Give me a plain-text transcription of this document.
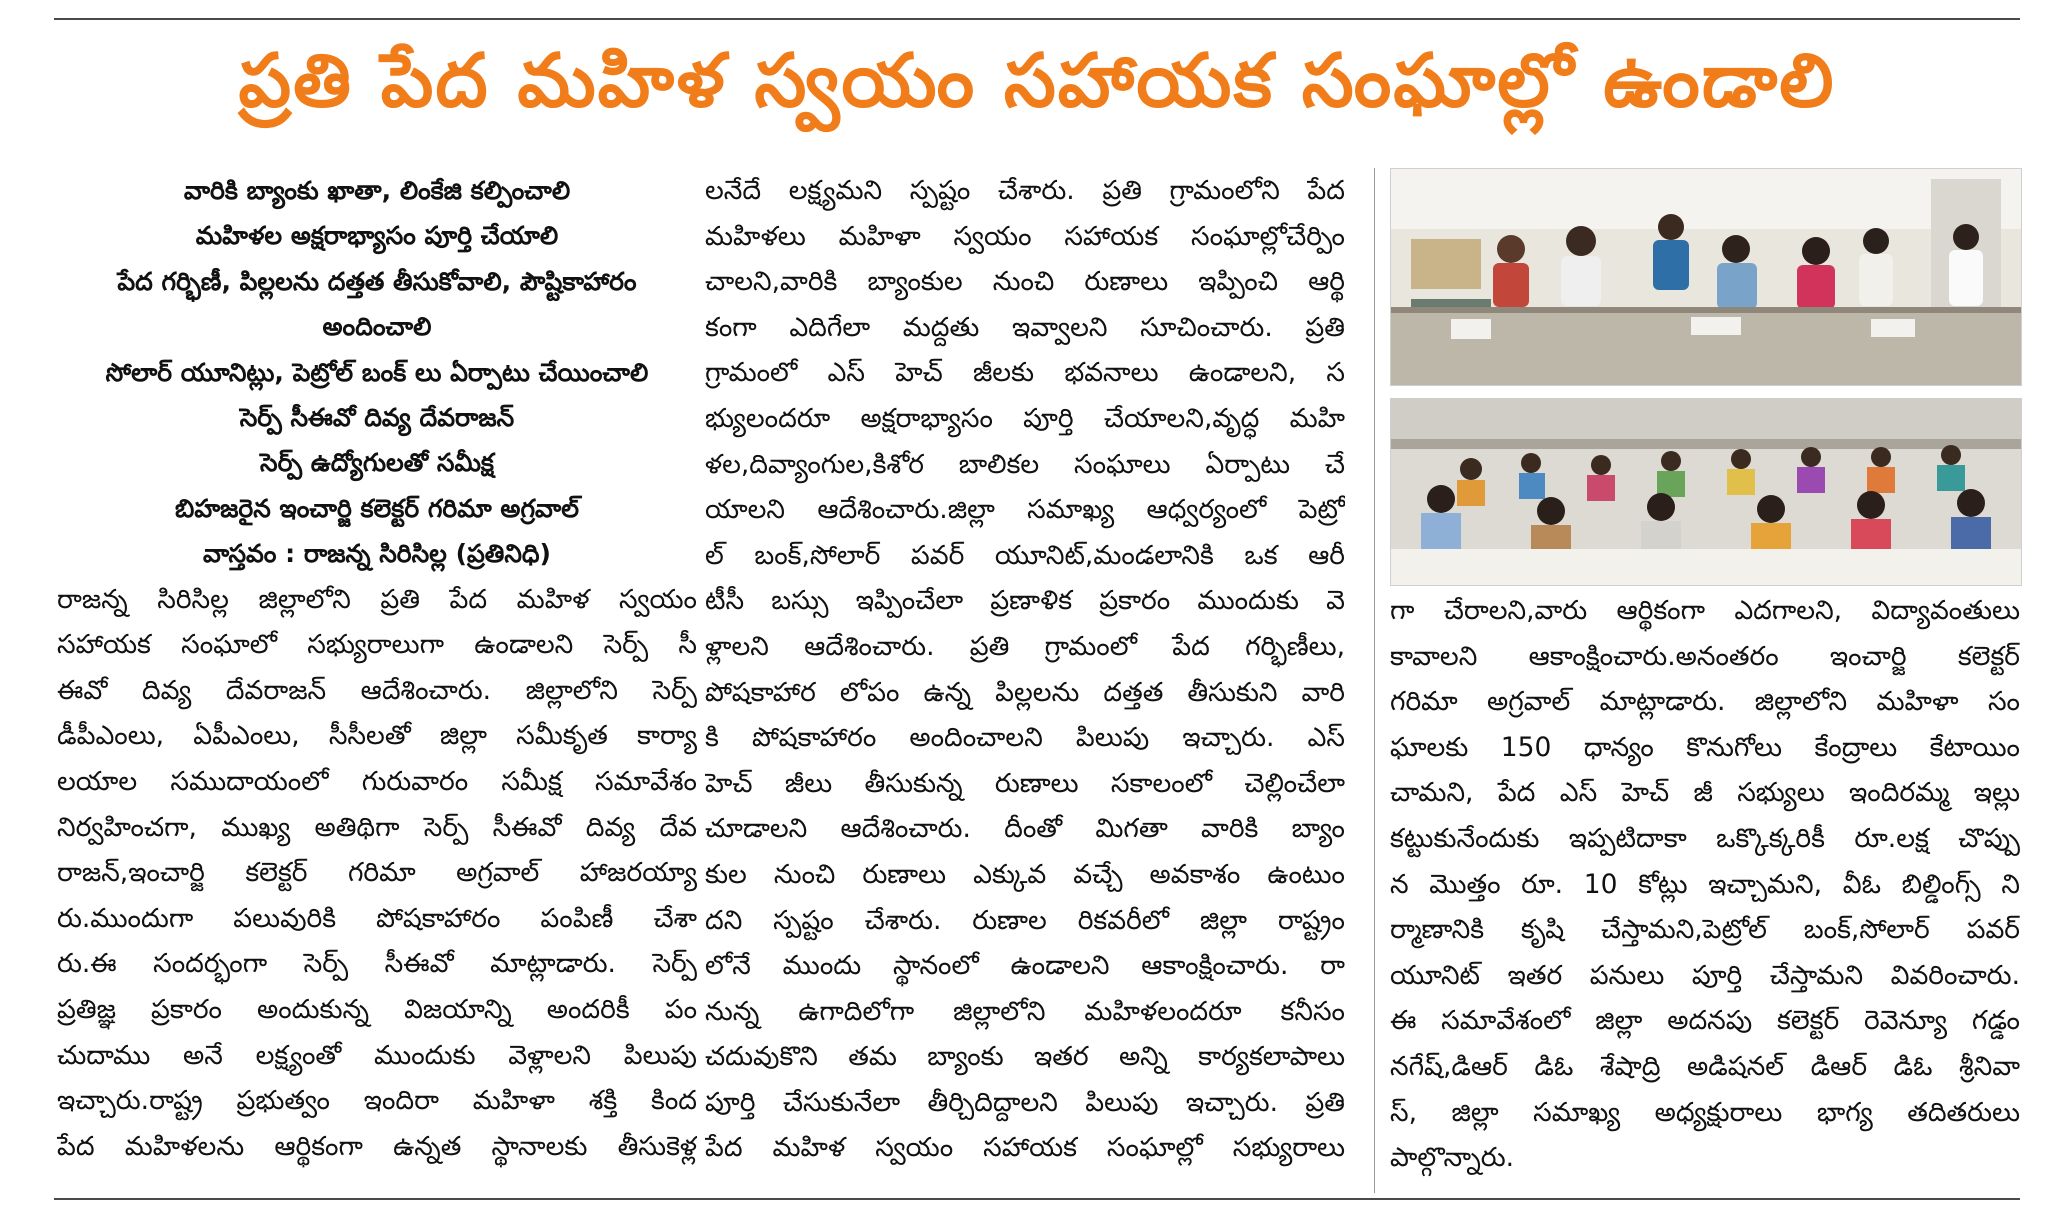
ప్రతి పేద మహిళ స్వయం సహాయక సంఘాల్లో ఉండాలి

వారికి బ్యాంకు ఖాతా, లింకేజి కల్పించాలి

మహిళల అక్షరాభ్యాసం పూర్తి చేయాలి

పేద గర్భిణీ, పిల్లలను దత్తత తీసుకోవాలి, పౌష్టికాహారం

అందించాలి

సోలార్ యూనిట్లు, పెట్రోల్ బంక్ లు ఏర్పాటు చేయించాలి

సెర్ప్ సీఈవో దివ్య దేవరాజన్

సెర్ప్ ఉద్యోగులతో సమీక్ష

బిహజరైన ఇంచార్జి కలెక్టర్ గరిమా అగ్రవాల్

వాస్తవం : రాజన్న సిరిసిల్ల (ప్రతినిధి)

రాజన్న సిరిసిల్ల జిల్లాలోని ప్రతి పేద మహిళ స్వయం

సహాయక సంఘాలో సభ్యురాలుగా ఉండాలని సెర్ప్ సీ

ఈవో దివ్య దేవరాజన్ ఆదేశించారు. జిల్లాలోని సెర్ప్

డీపీఎంలు, ఏపీఎంలు, సీసీలతో జిల్లా సమీకృత కార్యా

లయాల సముదాయంలో గురువారం సమీక్ష సమావేశం

నిర్వహించగా, ముఖ్య అతిథిగా సెర్ప్ సీఈవో దివ్య దేవ

రాజన్,ఇంచార్జి కలెక్టర్ గరిమా అగ్రవాల్ హాజరయ్యా

రు.ముందుగా పలువురికి పోషకాహారం పంపిణీ చేశా

రు.ఈ సందర్భంగా సెర్ప్ సీఈవో మాట్లాడారు. సెర్ప్

ప్రతిజ్ఞ ప్రకారం అందుకున్న విజయాన్ని అందరికీ పం

చుదాము అనే లక్ష్యంతో ముందుకు వెళ్లాలని పిలుపు

ఇచ్చారు.రాష్ట్ర ప్రభుత్వం ఇందిరా మహిళా శక్తి కింద

పేద మహిళలను ఆర్థికంగా ఉన్నత స్థానాలకు తీసుకెళ్ల

లనేదే లక్ష్యమని స్పష్టం చేశారు. ప్రతి గ్రామంలోని పేద

మహిళలు మహిళా స్వయం సహాయక సంఘాల్లోచేర్పిం

చాలని,వారికి బ్యాంకుల నుంచి రుణాలు ఇప్పించి ఆర్థి

కంగా ఎదిగేలా మద్దతు ఇవ్వాలని సూచించారు. ప్రతి

గ్రామంలో ఎస్ హెచ్ జీలకు భవనాలు ఉండాలని, స

భ్యులందరూ అక్షరాభ్యాసం పూర్తి చేయాలని,వృద్ధ మహి

ళల,దివ్యాంగుల,కిశోర బాలికల సంఘాలు ఏర్పాటు చే

యాలని ఆదేశించారు.జిల్లా సమాఖ్య ఆధ్వర్యంలో పెట్రో

ల్ బంక్,సోలార్ పవర్ యూనిట్,మండలానికి ఒక ఆరీ

టీసీ బస్సు ఇప్పించేలా ప్రణాళిక ప్రకారం ముందుకు వె

ళ్లాలని ఆదేశించారు. ప్రతి గ్రామంలో పేద గర్భిణీలు,

పోషకాహార లోపం ఉన్న పిల్లలను దత్తత తీసుకుని వారి

కి పోషకాహారం అందించాలని పిలుపు ఇచ్చారు. ఎస్

హెచ్ జీలు తీసుకున్న రుణాలు సకాలంలో చెల్లించేలా

చూడాలని ఆదేశించారు. దీంతో మిగతా వారికి బ్యాం

కుల నుంచి రుణాలు ఎక్కువ వచ్చే అవకాశం ఉంటుం

దని స్పష్టం చేశారు. రుణాల రికవరీలో జిల్లా రాష్ట్రం

లోనే ముందు స్థానంలో ఉండాలని ఆకాంక్షించారు. రా

నున్న ఉగాదిలోగా జిల్లాలోని మహిళలందరూ కనీసం

చదువుకొని తమ బ్యాంకు ఇతర అన్ని కార్యకలాపాలు

పూర్తి చేసుకునేలా తీర్చిదిద్దాలని పిలుపు ఇచ్చారు. ప్రతి

పేద మహిళ స్వయం సహాయక సంఘాల్లో సభ్యురాలు

గా చేరాలని,వారు ఆర్థికంగా ఎదగాలని, విద్యావంతులు

కావాలని ఆకాంక్షించారు.అనంతరం ఇంచార్జి కలెక్టర్

గరిమా అగ్రవాల్ మాట్లాడారు. జిల్లాలోని మహిళా సం

ఘాలకు 150 ధాన్యం కొనుగోలు కేంద్రాలు కేటాయిం

చామని, పేద ఎస్ హెచ్ జీ సభ్యులు ఇందిరమ్మ ఇల్లు

కట్టుకునేందుకు ఇప్పటిదాకా ఒక్కొక్కరికీ రూ.లక్ష చొప్పు

న మొత్తం రూ. 10 కోట్లు ఇచ్చామని, వీఓ బిల్డింగ్స్ ని

ర్మాణానికి కృషి చేస్తామని,పెట్రోల్ బంక్,సోలార్ పవర్

యూనిట్ ఇతర పనులు పూర్తి చేస్తామని వివరించారు.

ఈ సమావేశంలో జిల్లా అదనపు కలెక్టర్ రెవెన్యూ గడ్డం

నగేష్,డిఆర్ డిఓ శేషాద్రి అడిషనల్ డిఆర్ డిఓ శ్రీనివా

స్, జిల్లా సమాఖ్య అధ్యక్షురాలు భాగ్య తదితరులు

పాల్గొన్నారు.
